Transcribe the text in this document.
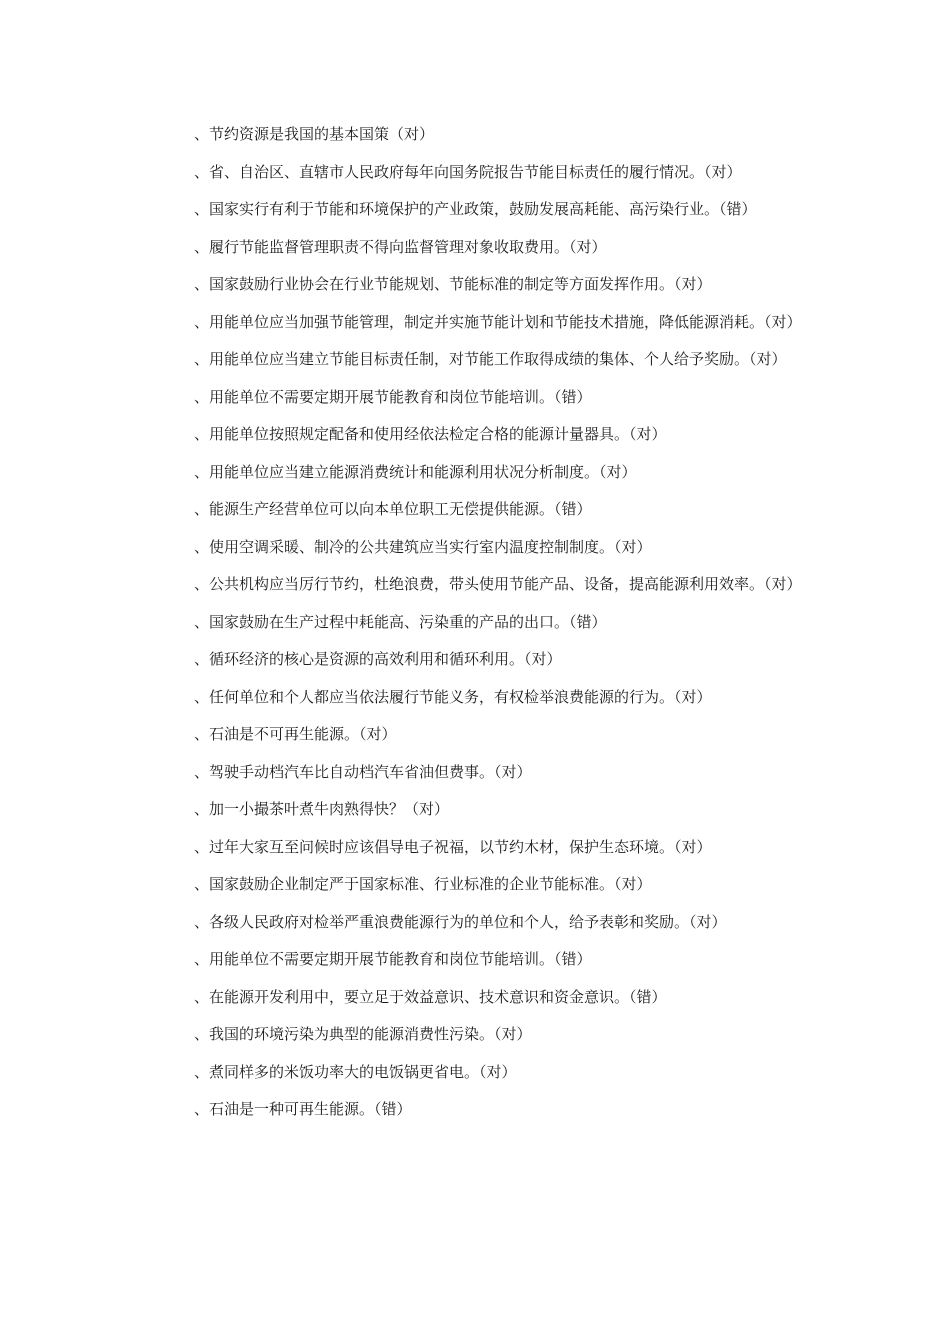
、节约资源是我国的基本国策（对）

、省、自治区、直辖市人民政府每年向国务院报告节能目标责任的履行情况。（对）

、国家实行有利于节能和环境保护的产业政策，鼓励发展高耗能、高污染行业。（错）

、履行节能监督管理职责不得向监督管理对象收取费用。（对）

、国家鼓励行业协会在行业节能规划、节能标准的制定等方面发挥作用。（对）

、用能单位应当加强节能管理，制定并实施节能计划和节能技术措施，降低能源消耗。（对）

、用能单位应当建立节能目标责任制，对节能工作取得成绩的集体、个人给予奖励。（对）

、用能单位不需要定期开展节能教育和岗位节能培训。（错）

、用能单位按照规定配备和使用经依法检定合格的能源计量器具。（对）

、用能单位应当建立能源消费统计和能源利用状况分析制度。（对）

、能源生产经营单位可以向本单位职工无偿提供能源。（错）

、使用空调采暖、制冷的公共建筑应当实行室内温度控制制度。（对）

、公共机构应当厉行节约，杜绝浪费，带头使用节能产品、设备，提高能源利用效率。（对）

、国家鼓励在生产过程中耗能高、污染重的产品的出口。（错）

、循环经济的核心是资源的高效利用和循环利用。（对）

、任何单位和个人都应当依法履行节能义务，有权检举浪费能源的行为。（对）

、石油是不可再生能源。（对）

、驾驶手动档汽车比自动档汽车省油但费事。（对）

、加一小撮茶叶煮牛肉熟得快？（对）

、过年大家互至问候时应该倡导电子祝福，以节约木材，保护生态环境。（对）

、国家鼓励企业制定严于国家标准、行业标准的企业节能标准。（对）

、各级人民政府对检举严重浪费能源行为的单位和个人，给予表彰和奖励。（对）

、用能单位不需要定期开展节能教育和岗位节能培训。（错）

、在能源开发利用中，要立足于效益意识、技术意识和资金意识。（错）

、我国的环境污染为典型的能源消费性污染。（对）

、煮同样多的米饭功率大的电饭锅更省电。（对）

、石油是一种可再生能源。（错）
